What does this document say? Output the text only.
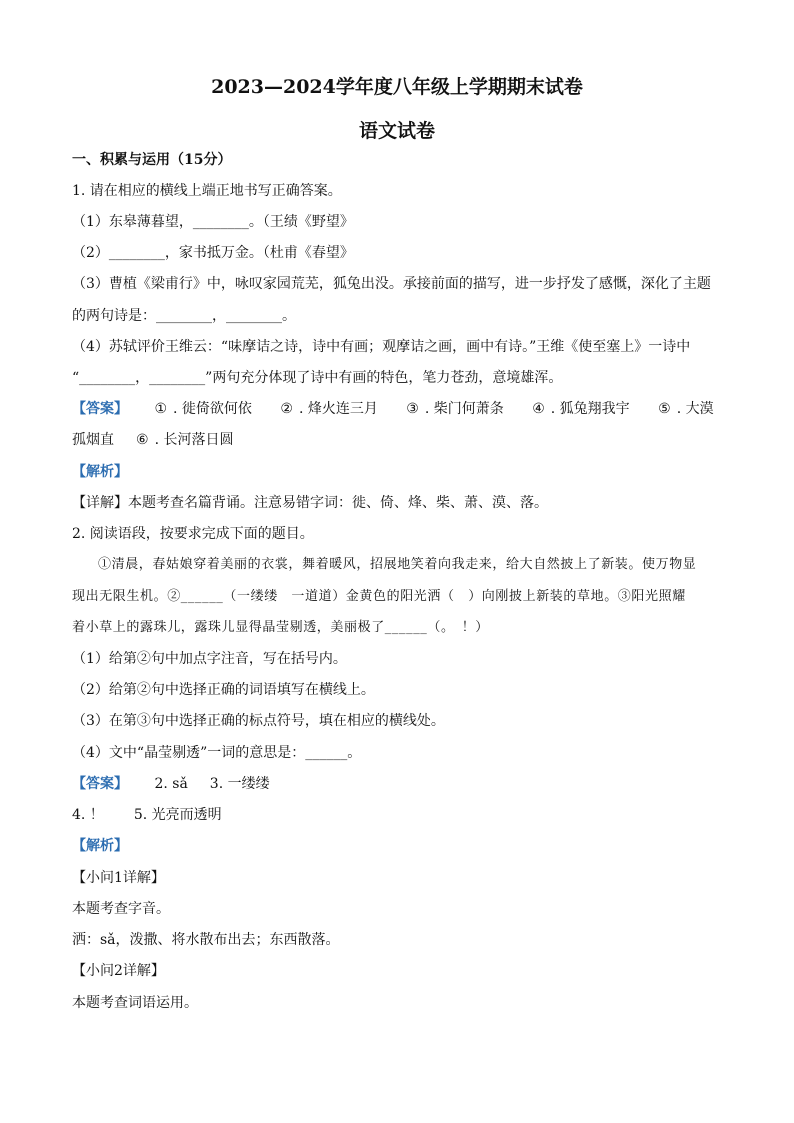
2023—2024学年度八年级上学期期末试卷
语文试卷
一、积累与运用（15分）
1. 请在相应的横线上端正地书写正确答案。
（1）东皋薄暮望，________。（王绩《野望》
（2）________，家书抵万金。（杜甫《春望》
（3）曹植《梁甫行》中，咏叹家园荒芜，狐兔出没。承接前面的描写，进一步抒发了感慨，深化了主题
的两句诗是：________，________。
（4）苏轼评价王维云：“味摩诘之诗，诗中有画；观摩诘之画，画中有诗。”王维《使至塞上》一诗中
“________，________”两句充分体现了诗中有画的特色，笔力苍劲，意境雄浑。
【答案】 ① . 徙倚欲何依 ② . 烽火连三月 ③ . 柴门何萧条 ④ . 狐兔翔我宇 ⑤ . 大漠
孤烟直 ⑥ . 长河落日圆
【解析】
【详解】本题考查名篇背诵。注意易错字词：徙、倚、烽、柴、萧、漠、落。
2. 阅读语段，按要求完成下面的题目。
①清晨，春姑娘穿着美丽的衣裳，舞着暖风，招展地笑着向我走来，给大自然披上了新装。使万物显
现出无限生机。②______（一缕缕　一道道）金黄色的阳光洒（　）向刚披上新装的草地。③阳光照耀
着小草上的露珠儿，露珠儿显得晶莹剔透，美丽极了______（。　！）
（1）给第②句中加点字注音，写在括号内。
（2）给第②句中选择正确的词语填写在横线上。
（3）在第③句中选择正确的标点符号，填在相应的横线处。
（4）文中“晶莹剔透”一词的意思是：______。
【答案】 2. sǎ 3. 一缕缕
4. ！ 5. 光亮而透明
【解析】
【小问1详解】
本题考查字音。
洒：sǎ，泼撒、将水散布出去；东西散落。
【小问2详解】
本题考查词语运用。
